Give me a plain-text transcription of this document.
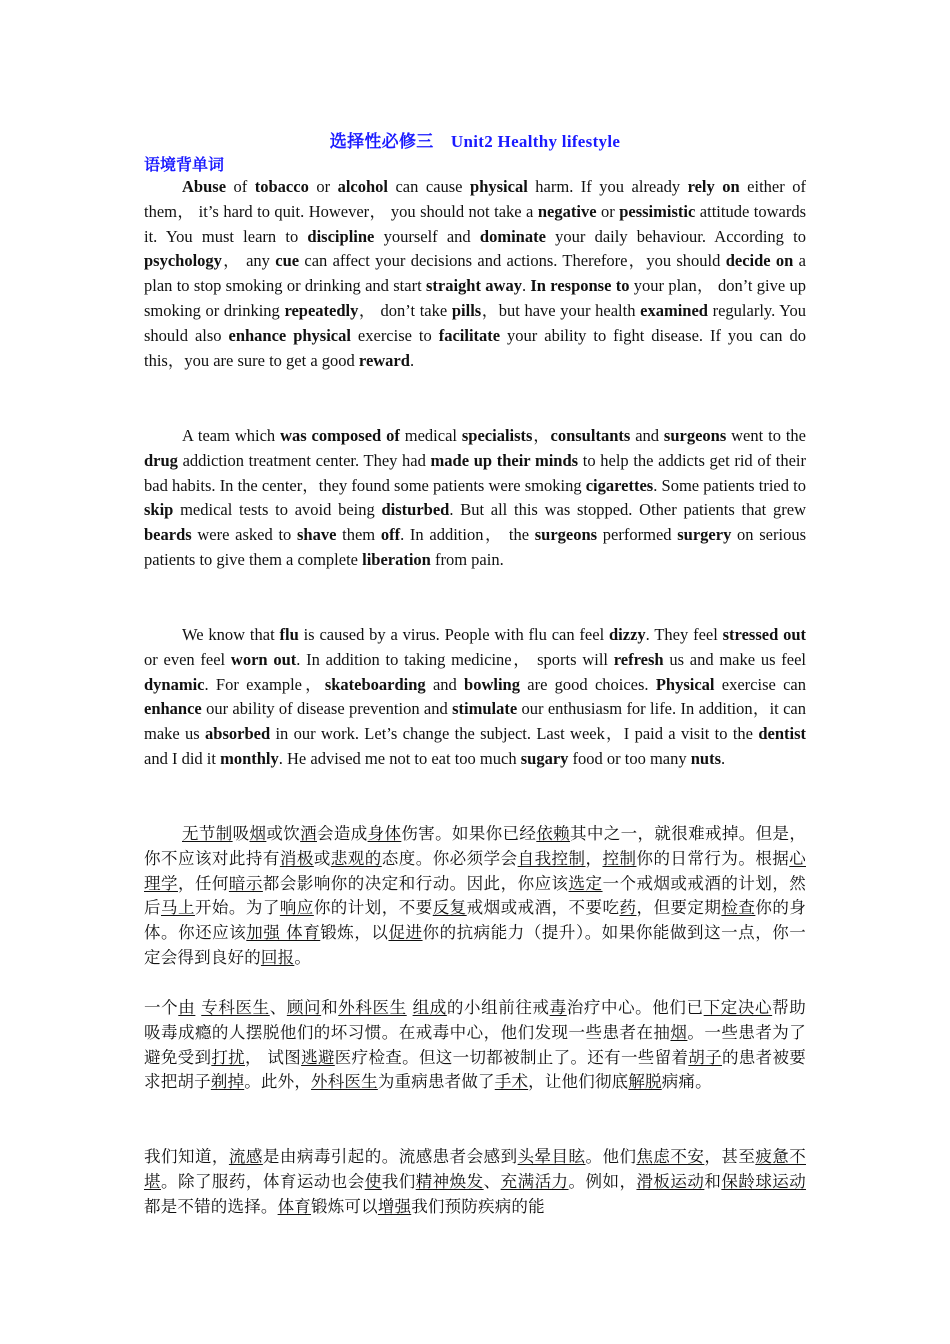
选择性必修三　Unit2 Healthy lifestyle
语境背单词

Abuse of tobacco or alcohol can cause physical harm. If you already rely on either of them， it’s hard to quit. However， you should not take a negative or pessimistic attitude towards it. You must learn to discipline yourself and dominate your daily behaviour. According to psychology， any cue can affect your decisions and actions. Therefore，you should decide on a plan to stop smoking or drinking and start straight away. In response to your plan， don’t give up smoking or drinking repeatedly， don’t take pills，but have your health examined regularly. You should also enhance physical exercise to facilitate your ability to fight disease. If you can do this，you are sure to get a good reward.

A team which was composed of medical specialists，consultants and surgeons went to the drug addiction treatment center. They had made up their minds to help the addicts get rid of their bad habits. In the center，they found some patients were smoking cigarettes. Some patients tried to skip medical tests to avoid being disturbed. But all this was stopped. Other patients that grew beards were asked to shave them off. In addition， the surgeons performed surgery on serious patients to give them a complete liberation from pain.

We know that flu is caused by a virus. People with flu can feel dizzy. They feel stressed out or even feel worn out. In addition to taking medicine， sports will refresh us and make us feel dynamic. For example，skateboarding and bowling are good choices. Physical exercise can enhance our ability of disease prevention and stimulate our enthusiasm for life. In addition，it can make us absorbed in our work. Let’s change the subject. Last week，I paid a visit to the dentist and I did it monthly. He advised me not to eat too much sugary food or too many nuts.

无节制吸烟或饮酒会造成身体伤害。如果你已经依赖其中之一，就很难戒掉。但是，你不应该对此持有消极或悲观的态度。你必须学会自我控制，控制你的日常行为。根据心理学，任何暗示都会影响你的决定和行动。因此，你应该选定一个戒烟或戒酒的计划，然后马上开始。为了响应你的计划，不要反复戒烟或戒酒，不要吃药，但要定期检查你的身体。你还应该加强 体育锻炼，以促进你的抗病能力（提升）。如果你能做到这一点，你一定会得到良好的回报。

一个由 专科医生、顾问和外科医生 组成的小组前往戒毒治疗中心。他们已下定决心帮助吸毒成瘾的人摆脱他们的坏习惯。在戒毒中心，他们发现一些患者在抽烟。一些患者为了避免受到打扰， 试图逃避医疗检查。但这一切都被制止了。还有一些留着胡子的患者被要求把胡子剃掉。此外，外科医生为重病患者做了手术，让他们彻底解脱病痛。

我们知道，流感是由病毒引起的。流感患者会感到头晕目眩。他们焦虑不安，甚至疲惫不堪。除了服药，体育运动也会使我们精神焕发、充满活力。例如，滑板运动和保龄球运动都是不错的选择。体育锻炼可以增强我们预防疾病的能
